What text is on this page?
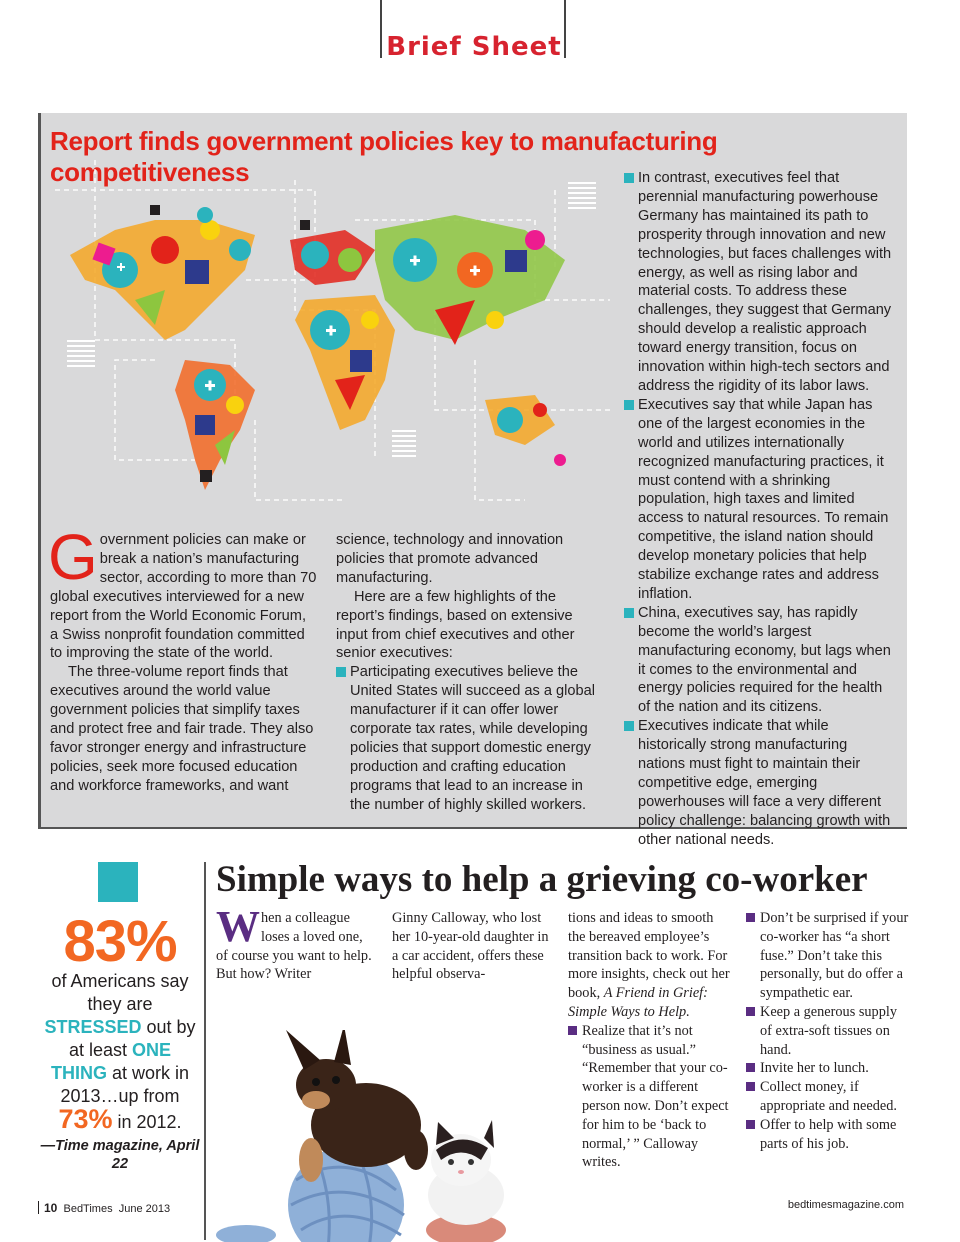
Brief Sheet
Report finds government policies key to manufacturing competitiveness

Government policies can make or break a nation’s manufacturing sector, according to more than 70 global executives interviewed for a new report from the World Economic Forum, a Swiss nonprofit foundation committed to improving the state of the world.

The three-volume report finds that executives around the world value government policies that simplify taxes and protect free and fair trade. They also favor stronger energy and infrastructure policies, seek more focused education and workforce frameworks, and want

science, technology and innovation policies that promote advanced manufacturing.

Here are a few highlights of the report’s findings, based on extensive input from chief executives and other senior executives:

Participating executives believe the United States will succeed as a global manufacturer if it can offer lower corporate tax rates, while developing policies that support domestic energy production and crafting education programs that lead to an increase in the number of highly skilled workers.

In contrast, executives feel that perennial manufacturing powerhouse Germany has maintained its path to prosperity through innovation and new technologies, but faces challenges with energy, as well as rising labor and material costs. To address these challenges, they suggest that Germany should develop a realistic approach toward energy transition, focus on innovation within high-tech sectors and address the rigidity of its labor laws.

Executives say that while Japan has one of the largest economies in the world and utilizes internationally recognized manufacturing practices, it must contend with a shrinking population, high taxes and limited access to natural resources. To remain competitive, the island nation should develop monetary policies that help stabilize exchange rates and address inflation.

China, executives say, has rapidly become the world’s largest manufacturing economy, but lags when it comes to the environmental and energy policies required for the health of the nation and its citizens.

Executives indicate that while historically strong manufacturing nations must fight to maintain their competitive edge, emerging powerhouses will face a very different policy challenge: balancing growth with other national needs.

83%
of Americans say they are STRESSED out by at least ONE THING at work in 2013…up from 73% in 2012.
—Time magazine, April 22
Simple ways to help a grieving co-worker

When a colleague loses a loved one, of course you want to help. But how? Writer

Ginny Calloway, who lost her 10-year-old daughter in a car accident, offers these helpful observa-

tions and ideas to smooth the bereaved employee’s transition back to work. For more insights, check out her book, A Friend in Grief: Simple Ways to Help.

Realize that it’s not “business as usual.” “Remember that your co-worker is a different person now. Don’t expect for him to be ‘back to normal,’ ” Calloway writes.

Don’t be surprised if your co-worker has “a short fuse.” Don’t take this personally, but do offer a sympathetic ear.

Keep a generous supply of extra-soft tissues on hand.

Invite her to lunch.

Collect money, if appropriate and needed.

Offer to help with some parts of his job.

10 BedTimes June 2013	bedtimesmagazine.com
